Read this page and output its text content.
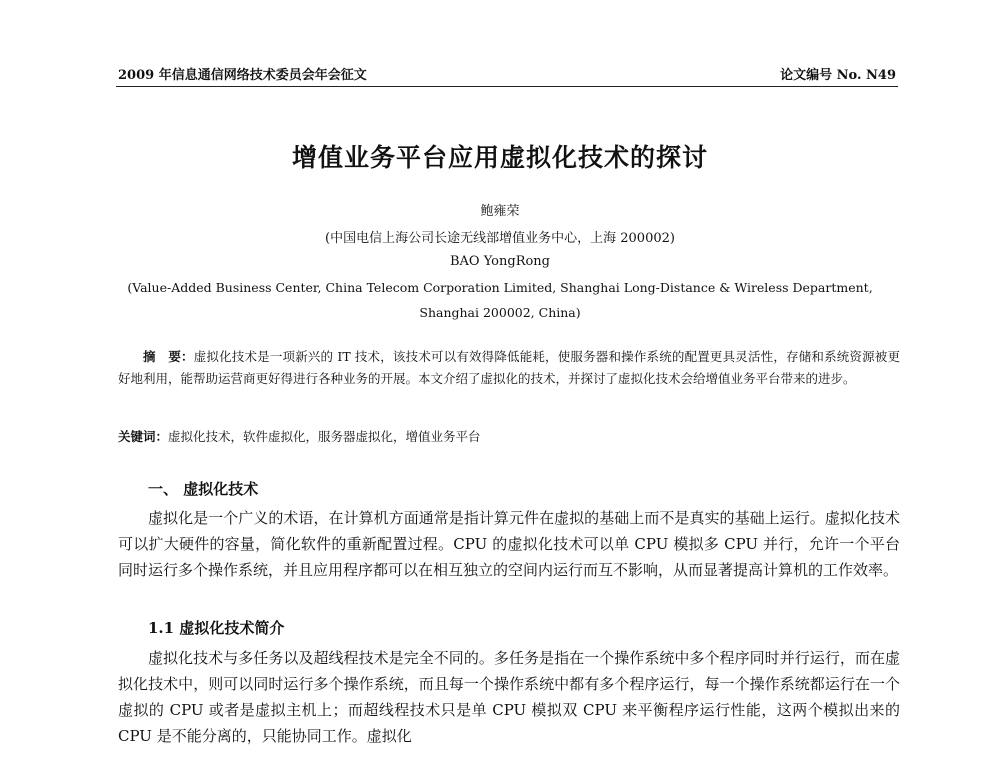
2009 年信息通信网络技术委员会年会征文	论文编号 No. N49
增值业务平台应用虚拟化技术的探讨
鲍雍荣
(中国电信上海公司长途无线部增值业务中心，上海 200002)
BAO YongRong
(Value-Added Business Center, China Telecom Corporation Limited, Shanghai Long-Distance & Wireless Department,
Shanghai 200002, China)
摘　要：虚拟化技术是一项新兴的 IT 技术，该技术可以有效得降低能耗，使服务器和操作系统的配置更具灵活性，存储和系统资源被更好地利用，能帮助运营商更好得进行各种业务的开展。本文介绍了虚拟化的技术，并探讨了虚拟化技术会给增值业务平台带来的进步。
关键词：虚拟化技术，软件虚拟化，服务器虚拟化，增值业务平台
一、 虚拟化技术
虚拟化是一个广义的术语，在计算机方面通常是指计算元件在虚拟的基础上而不是真实的基础上运行。虚拟化技术可以扩大硬件的容量，简化软件的重新配置过程。CPU 的虚拟化技术可以单 CPU 模拟多 CPU 并行，允许一个平台同时运行多个操作系统，并且应用程序都可以在相互独立的空间内运行而互不影响，从而显著提高计算机的工作效率。
1.1 虚拟化技术简介
虚拟化技术与多任务以及超线程技术是完全不同的。多任务是指在一个操作系统中多个程序同时并行运行，而在虚拟化技术中，则可以同时运行多个操作系统，而且每一个操作系统中都有多个程序运行，每一个操作系统都运行在一个虚拟的 CPU 或者是虚拟主机上；而超线程技术只是单 CPU 模拟双 CPU 来平衡程序运行性能，这两个模拟出来的 CPU 是不能分离的，只能协同工作。虚拟化
